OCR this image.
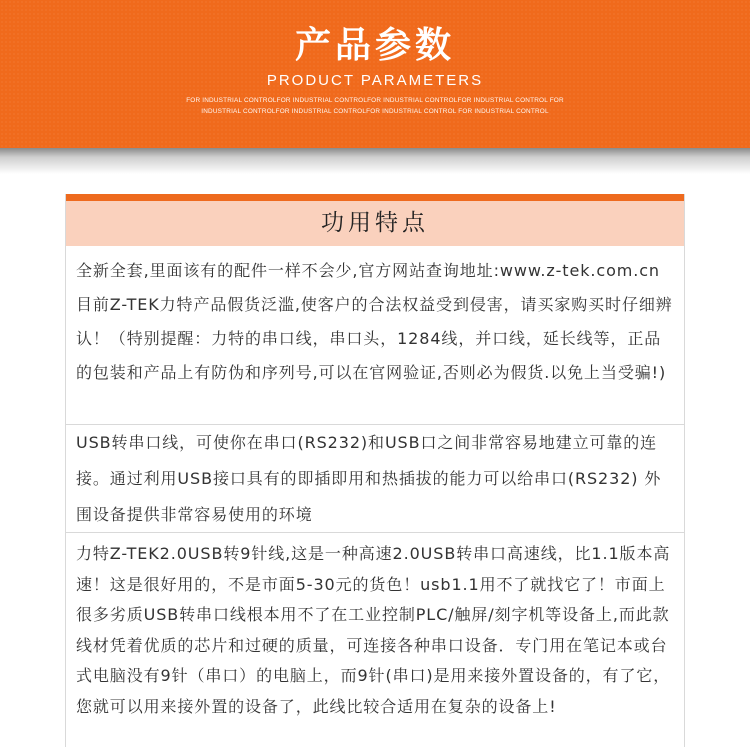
产品参数
PRODUCT PARAMETERS
FOR INDUSTRIAL CONTROLFOR INDUSTRIAL CONTROLFOR INDUSTRIAL CONTROLFOR INDUSTRIAL CONTROL FOR INDUSTRIAL CONTROLFOR INDUSTRIAL CONTROLFOR INDUSTRIAL CONTROL FOR INDUSTRIAL CONTROL
功用特点

全新全套,里面该有的配件一样不会少,官方网站查询地址:www.z-tek.com.cn目前Z-TEK力特产品假货泛滥,使客户的合法权益受到侵害，请买家购买时仔细辨认！（特别提醒：力特的串口线，串口头，1284线，并口线，延长线等，正品的包装和产品上有防伪和序列号,可以在官网验证,否则必为假货.以免上当受骗!)

USB转串口线，可使你在串口(RS232)和USB口之间非常容易地建立可靠的连接。通过利用USB接口具有的即插即用和热插拔的能力可以给串口(RS232) 外围设备提供非常容易使用的环境

力特Z-TEK2.0USB转9针线,这是一种高速2.0USB转串口高速线，比1.1版本高速！这是很好用的，不是市面5-30元的货色！usb1.1用不了就找它了！市面上很多劣质USB转串口线根本用不了在工业控制PLC/触屏/刻字机等设备上,而此款线材凭着优质的芯片和过硬的质量，可连接各种串口设备．专门用在笔记本或台式电脑没有9针（串口）的电脑上，而9针(串口)是用来接外置设备的，有了它，您就可以用来接外置的设备了，此线比较合适用在复杂的设备上!
